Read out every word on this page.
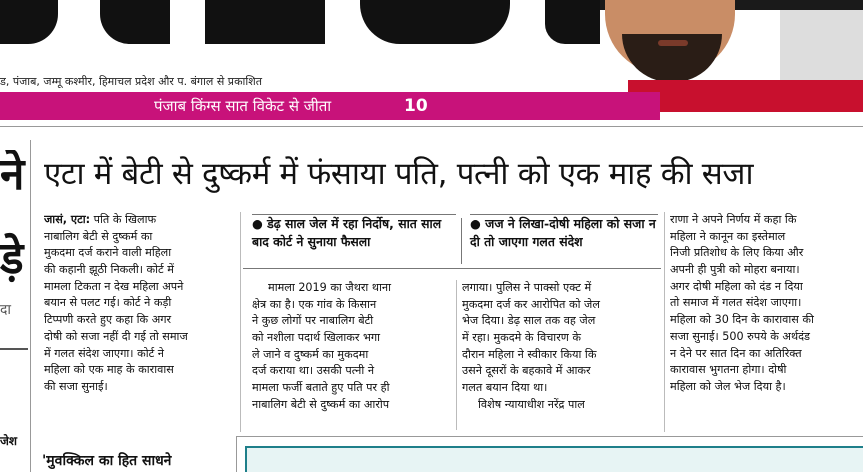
ड, पंजाब, जम्मू कश्मीर, हिमाचल प्रदेश और प. बंगाल से प्रकाशित
पंजाब किंग्स सात विकेट से जीता	10
ने
ड़े
दा
जेश
एटा में बेटी से दुष्कर्म में फंसाया पति, पत्नी को एक माह की सजा
जासं, एटा: पति के खिलाफ
नाबालिग बेटी से दुष्कर्म का
मुकदमा दर्ज कराने वाली महिला
की कहानी झूठी निकली। कोर्ट में
मामला टिकता न देख महिला अपने
बयान से पलट गई। कोर्ट ने कड़ी
टिप्पणी करते हुए कहा कि अगर
दोषी को सजा नहीं दी गई तो समाज
में गलत संदेश जाएगा। कोर्ट ने
महिला को एक माह के कारावास
की सजा सुनाई।
● डेढ़ साल जेल में रहा निर्दोष, सात साल बाद कोर्ट ने सुनाया फैसला
● जज ने लिखा-दोषी महिला को सजा न दी तो जाएगा गलत संदेश
मामला 2019 का जैथरा थाना
क्षेत्र का है। एक गांव के किसान
ने कुछ लोगों पर नाबालिग बेटी
को नशीला पदार्थ खिलाकर भगा
ले जाने व दुष्कर्म का मुकदमा
दर्ज कराया था। उसकी पत्नी ने
मामला फर्जी बताते हुए पति पर ही
नाबालिग बेटी से दुष्कर्म का आरोप
लगाया। पुलिस ने पाक्सो एक्ट में
मुकदमा दर्ज कर आरोपित को जेल
भेज दिया। डेढ़ साल तक वह जेल
में रहा। मुकदमे के विचारण के
दौरान महिला ने स्वीकार किया कि
उसने दूसरों के बहकावे में आकर
गलत बयान दिया था।
विशेष न्यायाधीश नरेंद्र पाल
राणा ने अपने निर्णय में कहा कि
महिला ने कानून का इस्तेमाल
निजी प्रतिशोध के लिए किया और
अपनी ही पुत्री को मोहरा बनाया।
अगर दोषी महिला को दंड न दिया
तो समाज में गलत संदेश जाएगा।
महिला को 30 दिन के कारावास की
सजा सुनाई। 500 रुपये के अर्थदंड
न देने पर सात दिन का अतिरिक्त
कारावास भुगतना होगा। दोषी
महिला को जेल भेज दिया है।
'मुवक्किल का हित साधने
